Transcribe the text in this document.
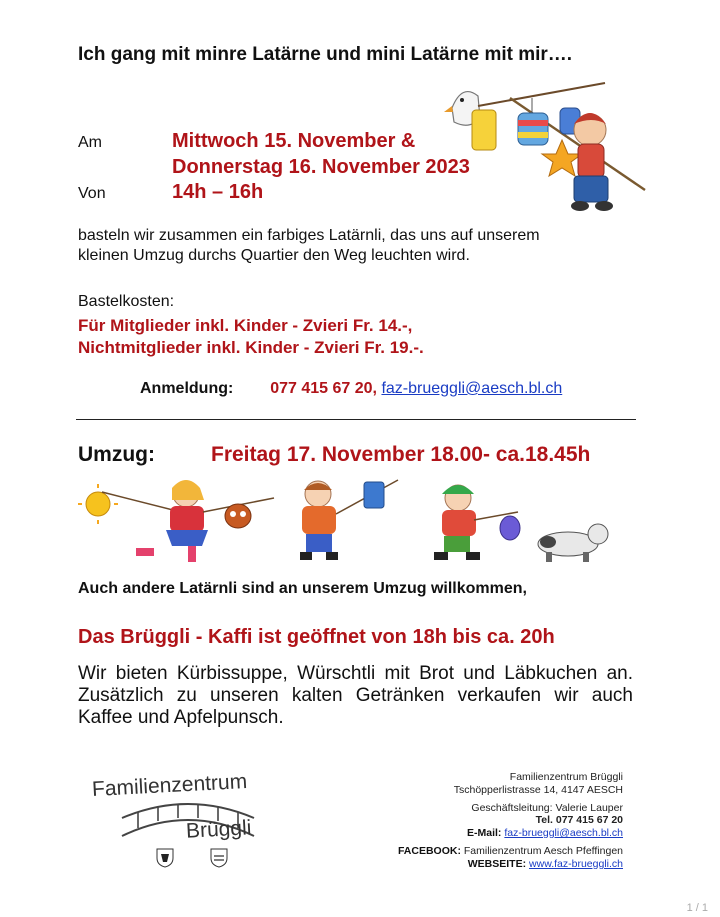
Ich gang mit minre Latärne und mini Latärne mit mir….
Am	Mittwoch 15. November &
Donnerstag 16. November 2023
Von	14h – 16h
basteln wir zusammen ein farbiges Latärnli, das uns auf unserem
kleinen Umzug durchs Quartier den Weg leuchten wird.
Bastelkosten:
Für Mitglieder inkl. Kinder - Zvieri Fr. 14.-,
Nichtmitglieder inkl. Kinder - Zvieri Fr. 19.-.
Anmeldung: 077 415 67 20, faz-brueggli@aesch.bl.ch
Umzug:	Freitag 17. November 18.00- ca.18.45h
Auch andere Latärnli sind an unserem Umzug willkommen,
Das Brüggli - Kaffi ist geöffnet von 18h bis ca. 20h
Wir bieten Kürbissuppe, Würschtli mit Brot und Läbkuchen an. Zusätzlich zu unseren kalten Getränken verkaufen wir auch Kaffee und Apfelpunsch.
Familienzentrum
Brüggli
Familienzentrum Brüggli
Tschöpperlistrasse 14, 4147 AESCH
Geschäftsleitung: Valerie Lauper
Tel. 077 415 67 20
E-Mail: faz-brueggli@aesch.bl.ch
FACEBOOK: Familienzentrum Aesch Pfeffingen
WEBSEITE: www.faz-brueggli.ch
1 / 1
